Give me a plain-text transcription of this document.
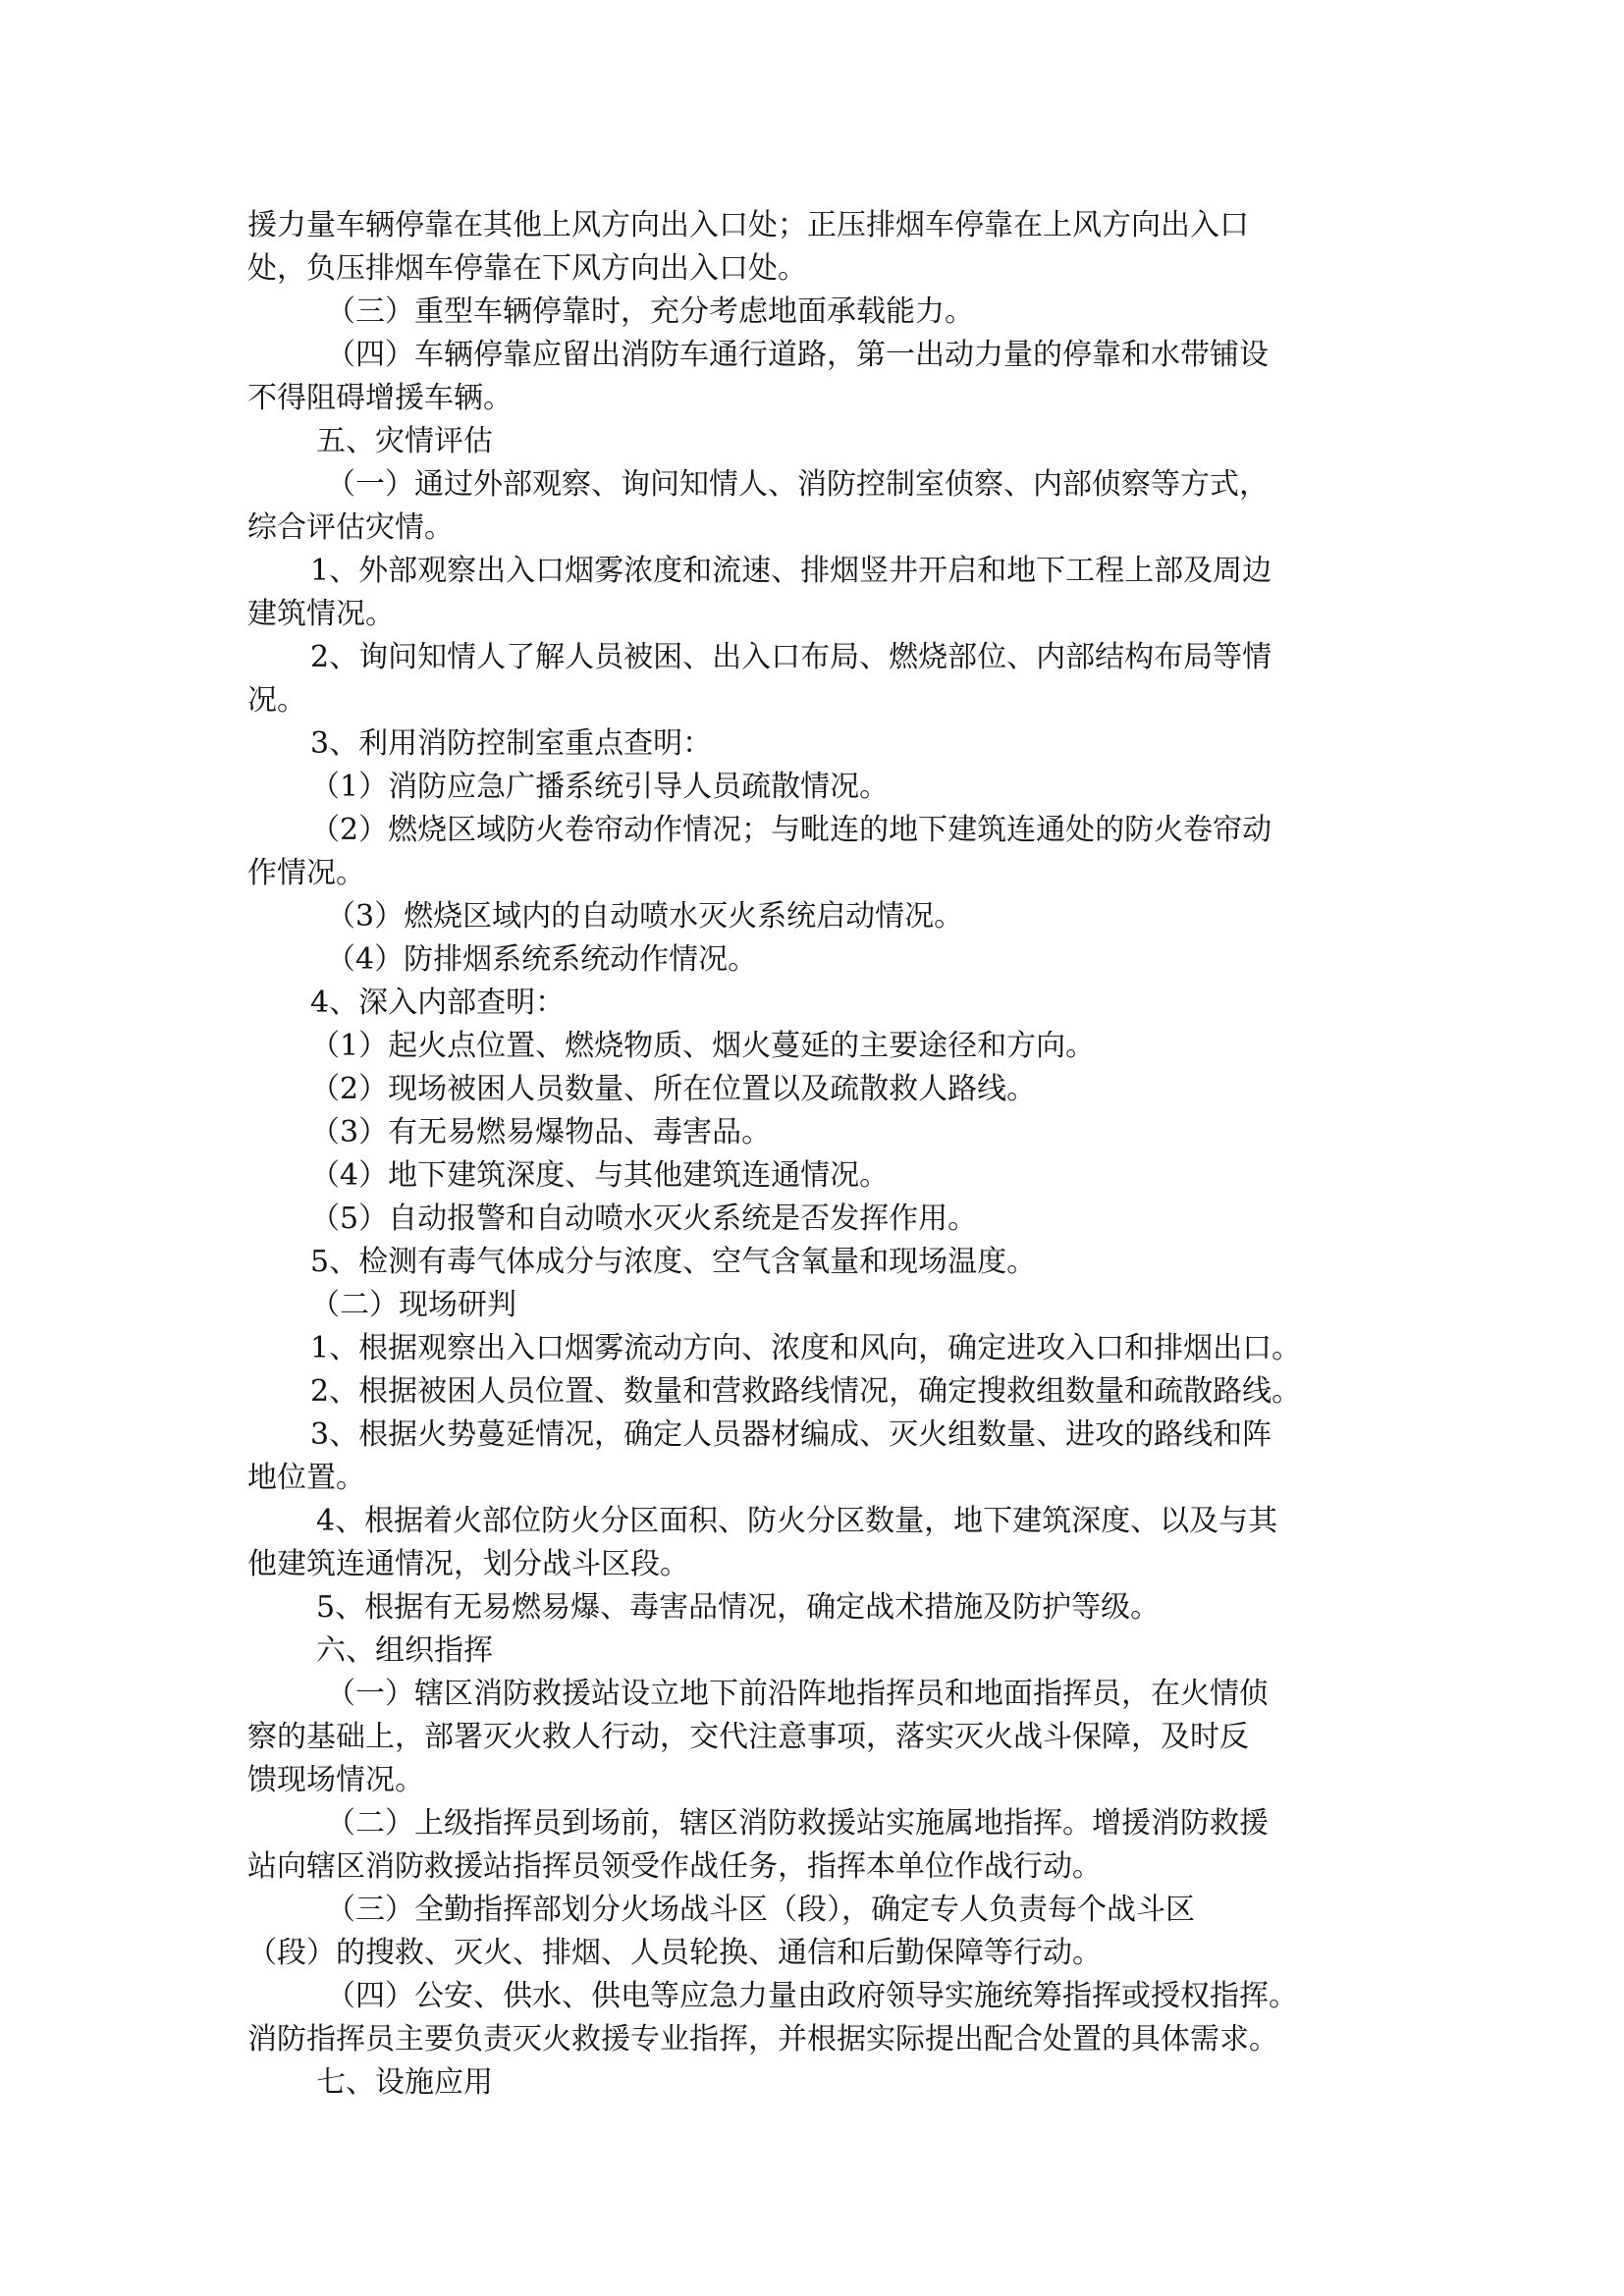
援力量车辆停靠在其他上风方向出入口处；正压排烟车停靠在上风方向出入口
处，负压排烟车停靠在下风方向出入口处。
（三）重型车辆停靠时，充分考虑地面承载能力。
（四）车辆停靠应留出消防车通行道路，第一出动力量的停靠和水带铺设
不得阻碍增援车辆。
五、灾情评估
（一）通过外部观察、询问知情人、消防控制室侦察、内部侦察等方式，
综合评估灾情。
1、外部观察出入口烟雾浓度和流速、排烟竖井开启和地下工程上部及周边
建筑情况。
2、询问知情人了解人员被困、出入口布局、燃烧部位、内部结构布局等情
况。
3、利用消防控制室重点查明：
（1）消防应急广播系统引导人员疏散情况。
（2）燃烧区域防火卷帘动作情况；与毗连的地下建筑连通处的防火卷帘动
作情况。
（3）燃烧区域内的自动喷水灭火系统启动情况。
（4）防排烟系统系统动作情况。
4、深入内部查明：
（1）起火点位置、燃烧物质、烟火蔓延的主要途径和方向。
（2）现场被困人员数量、所在位置以及疏散救人路线。
（3）有无易燃易爆物品、毒害品。
（4）地下建筑深度、与其他建筑连通情况。
（5）自动报警和自动喷水灭火系统是否发挥作用。
5、检测有毒气体成分与浓度、空气含氧量和现场温度。
（二）现场研判
1、根据观察出入口烟雾流动方向、浓度和风向，确定进攻入口和排烟出口。
2、根据被困人员位置、数量和营救路线情况，确定搜救组数量和疏散路线。
3、根据火势蔓延情况，确定人员器材编成、灭火组数量、进攻的路线和阵
地位置。
4、根据着火部位防火分区面积、防火分区数量，地下建筑深度、以及与其
他建筑连通情况，划分战斗区段。
5、根据有无易燃易爆、毒害品情况，确定战术措施及防护等级。
六、组织指挥
（一）辖区消防救援站设立地下前沿阵地指挥员和地面指挥员，在火情侦
察的基础上，部署灭火救人行动，交代注意事项，落实灭火战斗保障，及时反
馈现场情况。
（二）上级指挥员到场前，辖区消防救援站实施属地指挥。增援消防救援
站向辖区消防救援站指挥员领受作战任务，指挥本单位作战行动。
（三）全勤指挥部划分火场战斗区（段），确定专人负责每个战斗区
（段）的搜救、灭火、排烟、人员轮换、通信和后勤保障等行动。
（四）公安、供水、供电等应急力量由政府领导实施统筹指挥或授权指挥。
消防指挥员主要负责灭火救援专业指挥，并根据实际提出配合处置的具体需求。
七、设施应用
